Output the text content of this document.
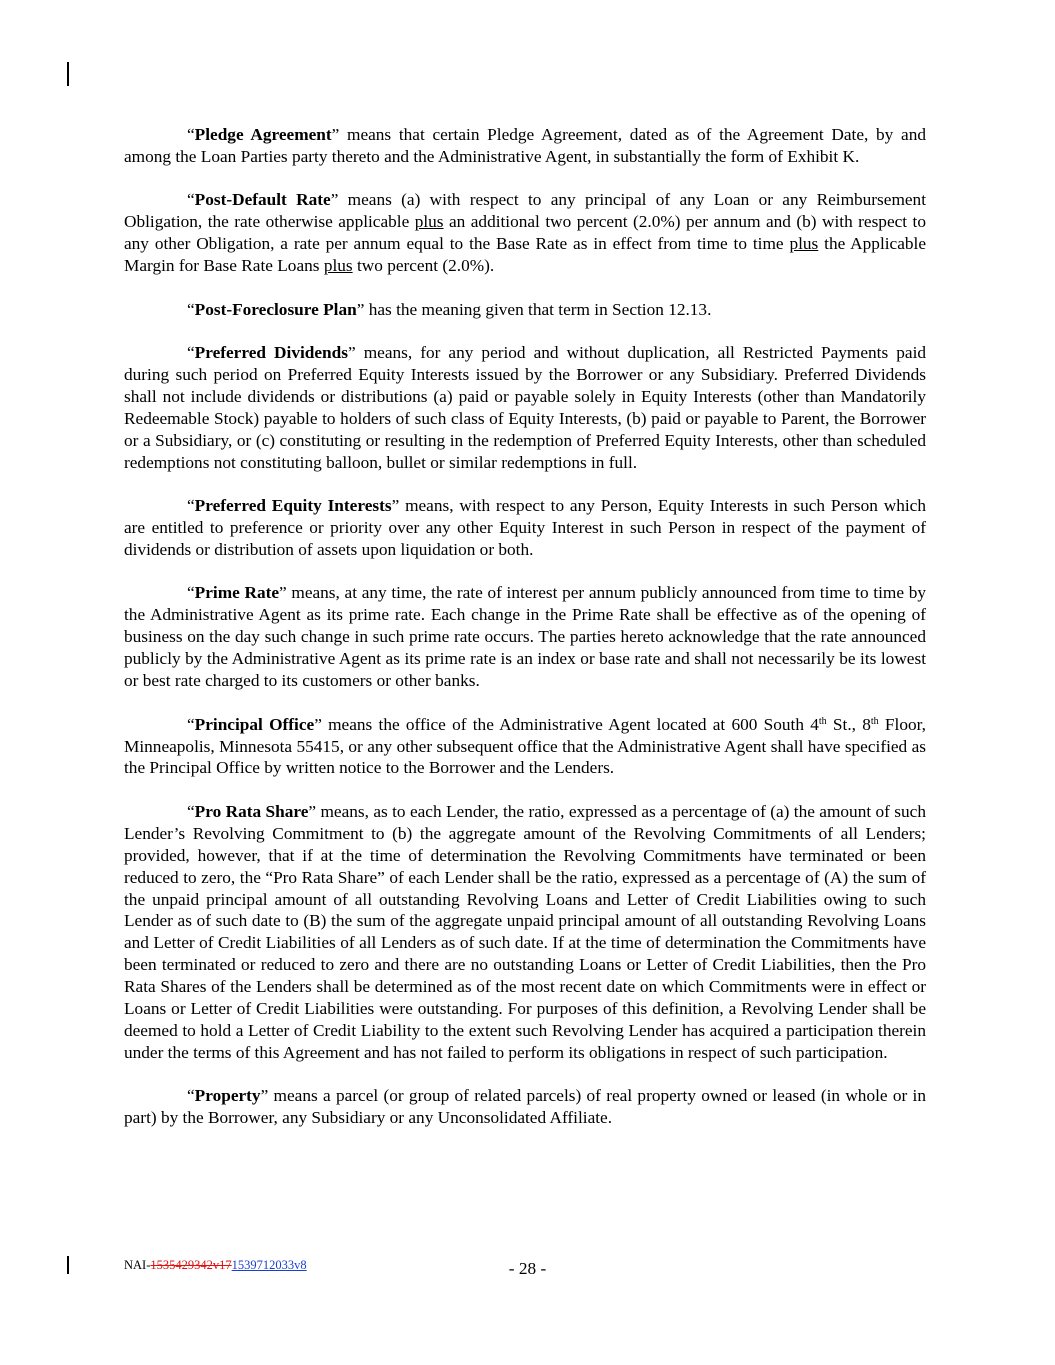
“Pledge Agreement” means that certain Pledge Agreement, dated as of the Agreement Date, by and among the Loan Parties party thereto and the Administrative Agent, in substantially the form of Exhibit K.

“Post-Default Rate” means (a) with respect to any principal of any Loan or any Reimbursement Obligation, the rate otherwise applicable plus an additional two percent (2.0%) per annum and (b) with respect to any other Obligation, a rate per annum equal to the Base Rate as in effect from time to time plus the Applicable Margin for Base Rate Loans plus two percent (2.0%).

“Post-Foreclosure Plan” has the meaning given that term in Section 12.13.

“Preferred Dividends” means, for any period and without duplication, all Restricted Payments paid during such period on Preferred Equity Interests issued by the Borrower or any Subsidiary. Preferred Dividends shall not include dividends or distributions (a) paid or payable solely in Equity Interests (other than Mandatorily Redeemable Stock) payable to holders of such class of Equity Interests, (b) paid or payable to Parent, the Borrower or a Subsidiary, or (c) constituting or resulting in the redemption of Preferred Equity Interests, other than scheduled redemptions not constituting balloon, bullet or similar redemptions in full.

“Preferred Equity Interests” means, with respect to any Person, Equity Interests in such Person which are entitled to preference or priority over any other Equity Interest in such Person in respect of the payment of dividends or distribution of assets upon liquidation or both.

“Prime Rate” means, at any time, the rate of interest per annum publicly announced from time to time by the Administrative Agent as its prime rate. Each change in the Prime Rate shall be effective as of the opening of business on the day such change in such prime rate occurs. The parties hereto acknowledge that the rate announced publicly by the Administrative Agent as its prime rate is an index or base rate and shall not necessarily be its lowest or best rate charged to its customers or other banks.

“Principal Office” means the office of the Administrative Agent located at 600 South 4th St., 8th Floor, Minneapolis, Minnesota 55415, or any other subsequent office that the Administrative Agent shall have specified as the Principal Office by written notice to the Borrower and the Lenders.

“Pro Rata Share” means, as to each Lender, the ratio, expressed as a percentage of (a) the amount of such Lender’s Revolving Commitment to (b) the aggregate amount of the Revolving Commitments of all Lenders; provided, however, that if at the time of determination the Revolving Commitments have terminated or been reduced to zero, the “Pro Rata Share” of each Lender shall be the ratio, expressed as a percentage of (A) the sum of the unpaid principal amount of all outstanding Revolving Loans and Letter of Credit Liabilities owing to such Lender as of such date to (B) the sum of the aggregate unpaid principal amount of all outstanding Revolving Loans and Letter of Credit Liabilities of all Lenders as of such date. If at the time of determination the Commitments have been terminated or reduced to zero and there are no outstanding Loans or Letter of Credit Liabilities, then the Pro Rata Shares of the Lenders shall be determined as of the most recent date on which Commitments were in effect or Loans or Letter of Credit Liabilities were outstanding. For purposes of this definition, a Revolving Lender shall be deemed to hold a Letter of Credit Liability to the extent such Revolving Lender has acquired a participation therein under the terms of this Agreement and has not failed to perform its obligations in respect of such participation.

“Property” means a parcel (or group of related parcels) of real property owned or leased (in whole or in part) by the Borrower, any Subsidiary or any Unconsolidated Affiliate.

NAI-1535429342v171539712033v8	- 28 -
